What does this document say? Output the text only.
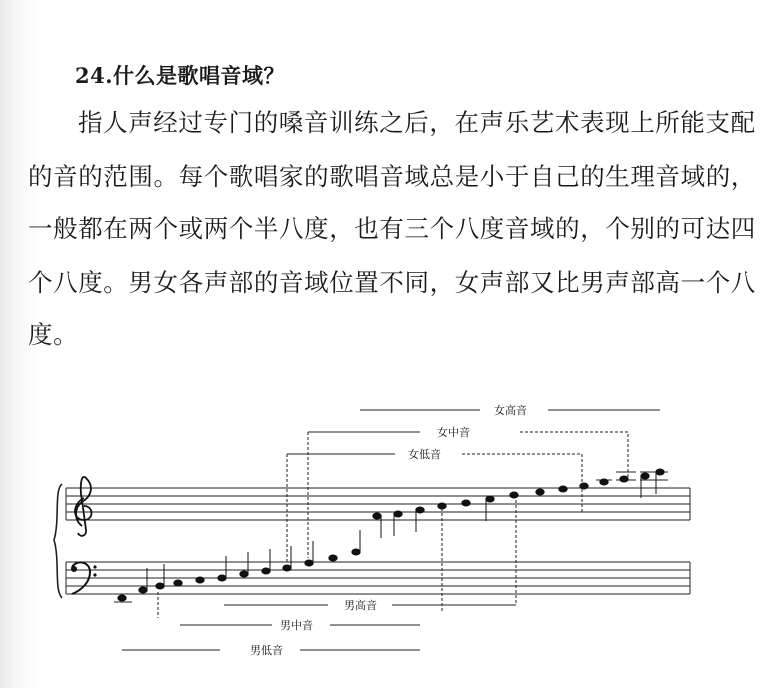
24.什么是歌唱音域？
指人声经过专门的嗓音训练之后，在声乐艺术表现上所能支配
的音的范围。每个歌唱家的歌唱音域总是小于自己的生理音域的，
一般都在两个或两个半八度，也有三个八度音域的，个别的可达四
个八度。男女各声部的音域位置不同，女声部又比男声部高一个八
度。
女高音
女中音
女低音
男高音
男中音
男低音
